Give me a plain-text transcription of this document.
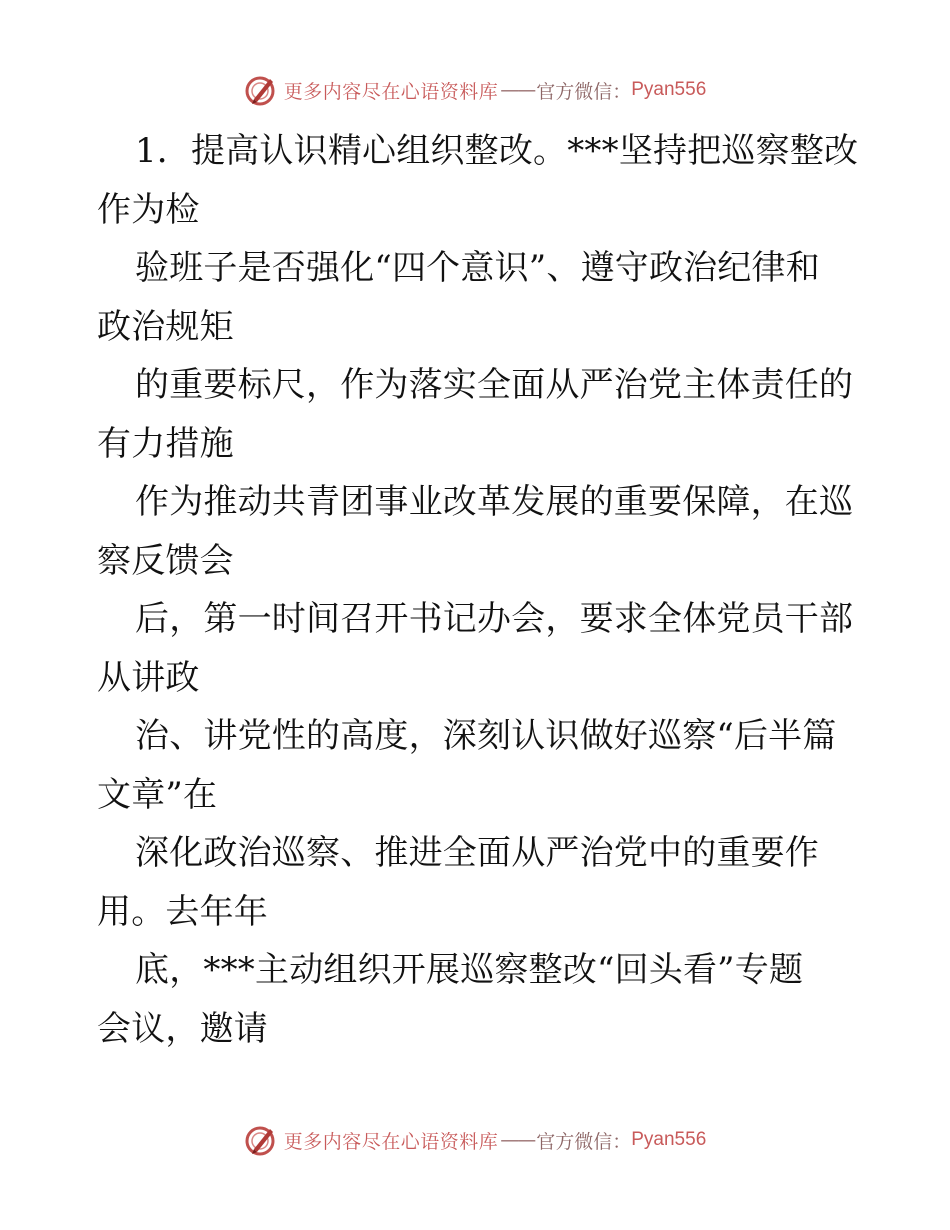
更多内容尽在心语资料库 —— 官方微信： Pyan556
1．提高认识精心组织整改。***坚持把巡察整改
作为检
验班子是否强化“四个意识”、遵守政治纪律和
政治规矩
的重要标尺，作为落实全面从严治党主体责任的
有力措施
作为推动共青团事业改革发展的重要保障，在巡
察反馈会
后，第一时间召开书记办会，要求全体党员干部
从讲政
治、讲党性的高度，深刻认识做好巡察“后半篇
文章”在
深化政治巡察、推进全面从严治党中的重要作
用。去年年
底，***主动组织开展巡察整改“回头看”专题
会议，邀请
更多内容尽在心语资料库 —— 官方微信： Pyan556
